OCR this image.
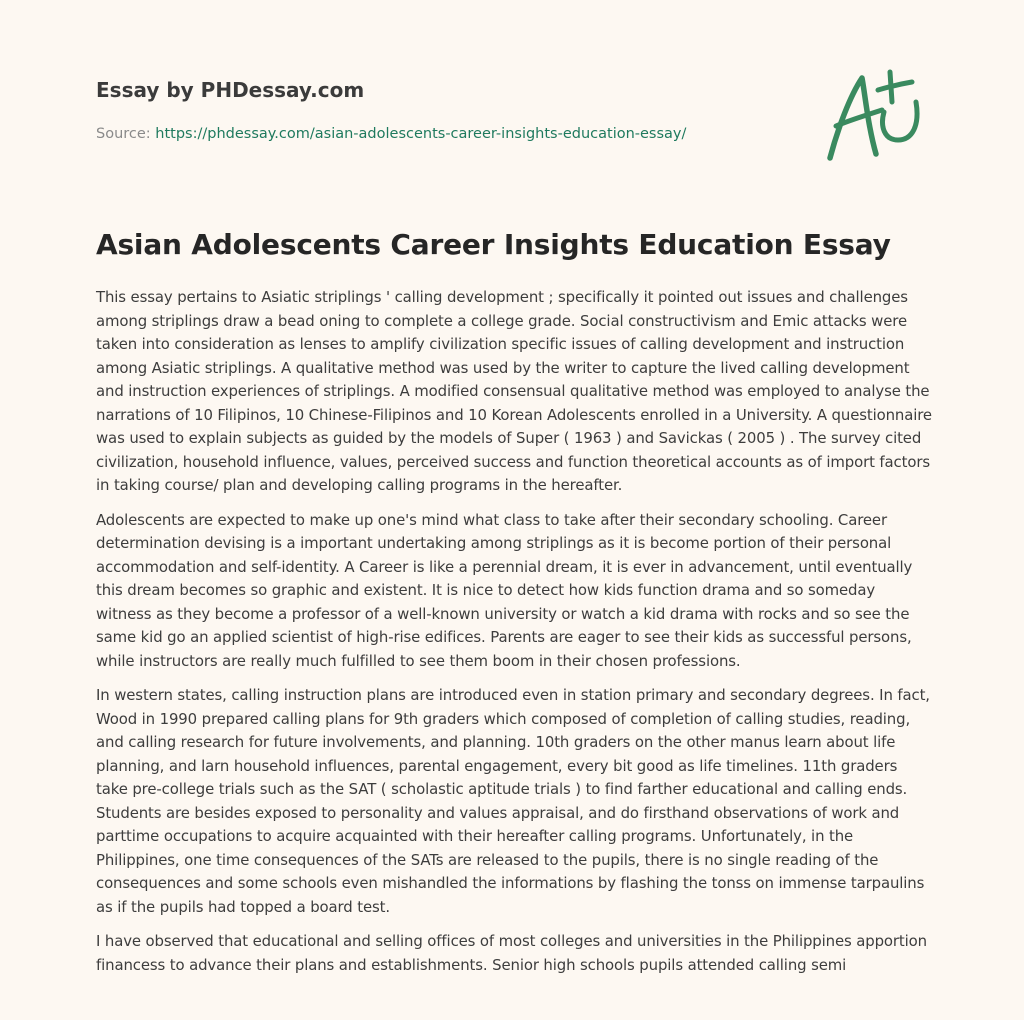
Essay by PHDessay.com
Source: https://phdessay.com/asian-adolescents-career-insights-education-essay/
Asian Adolescents Career Insights Education Essay

This essay pertains to Asiatic striplings ' calling development ; specifically it pointed out issues and challenges among striplings draw a bead oning to complete a college grade. Social constructivism and Emic attacks were taken into consideration as lenses to amplify civilization specific issues of calling development and instruction among Asiatic striplings. A qualitative method was used by the writer to capture the lived calling development and instruction experiences of striplings. A modified consensual qualitative method was employed to analyse the narrations of 10 Filipinos, 10 Chinese-Filipinos and 10 Korean Adolescents enrolled in a University. A questionnaire was used to explain subjects as guided by the models of Super ( 1963 ) and Savickas ( 2005 ) . The survey cited civilization, household influence, values, perceived success and function theoretical accounts as of import factors in taking course/ plan and developing calling programs in the hereafter.

Adolescents are expected to make up one's mind what class to take after their secondary schooling. Career determination devising is a important undertaking among striplings as it is become portion of their personal accommodation and self-identity. A Career is like a perennial dream, it is ever in advancement, until eventually this dream becomes so graphic and existent. It is nice to detect how kids function drama and so someday witness as they become a professor of a well-known university or watch a kid drama with rocks and so see the same kid go an applied scientist of high-rise edifices. Parents are eager to see their kids as successful persons, while instructors are really much fulfilled to see them boom in their chosen professions.

In western states, calling instruction plans are introduced even in station primary and secondary degrees. In fact, Wood in 1990 prepared calling plans for 9th graders which composed of completion of calling studies, reading, and calling research for future involvements, and planning. 10th graders on the other manus learn about life planning, and larn household influences, parental engagement, every bit good as life timelines. 11th graders take pre-college trials such as the SAT ( scholastic aptitude trials ) to find farther educational and calling ends. Students are besides exposed to personality and values appraisal, and do firsthand observations of work and parttime occupations to acquire acquainted with their hereafter calling programs. Unfortunately, in the Philippines, one time consequences of the SATs are released to the pupils, there is no single reading of the consequences and some schools even mishandled the informations by flashing the tonss on immense tarpaulins as if the pupils had topped a board test.

I have observed that educational and selling offices of most colleges and universities in the Philippines apportion financess to advance their plans and establishments. Senior high schools pupils attended calling semi
